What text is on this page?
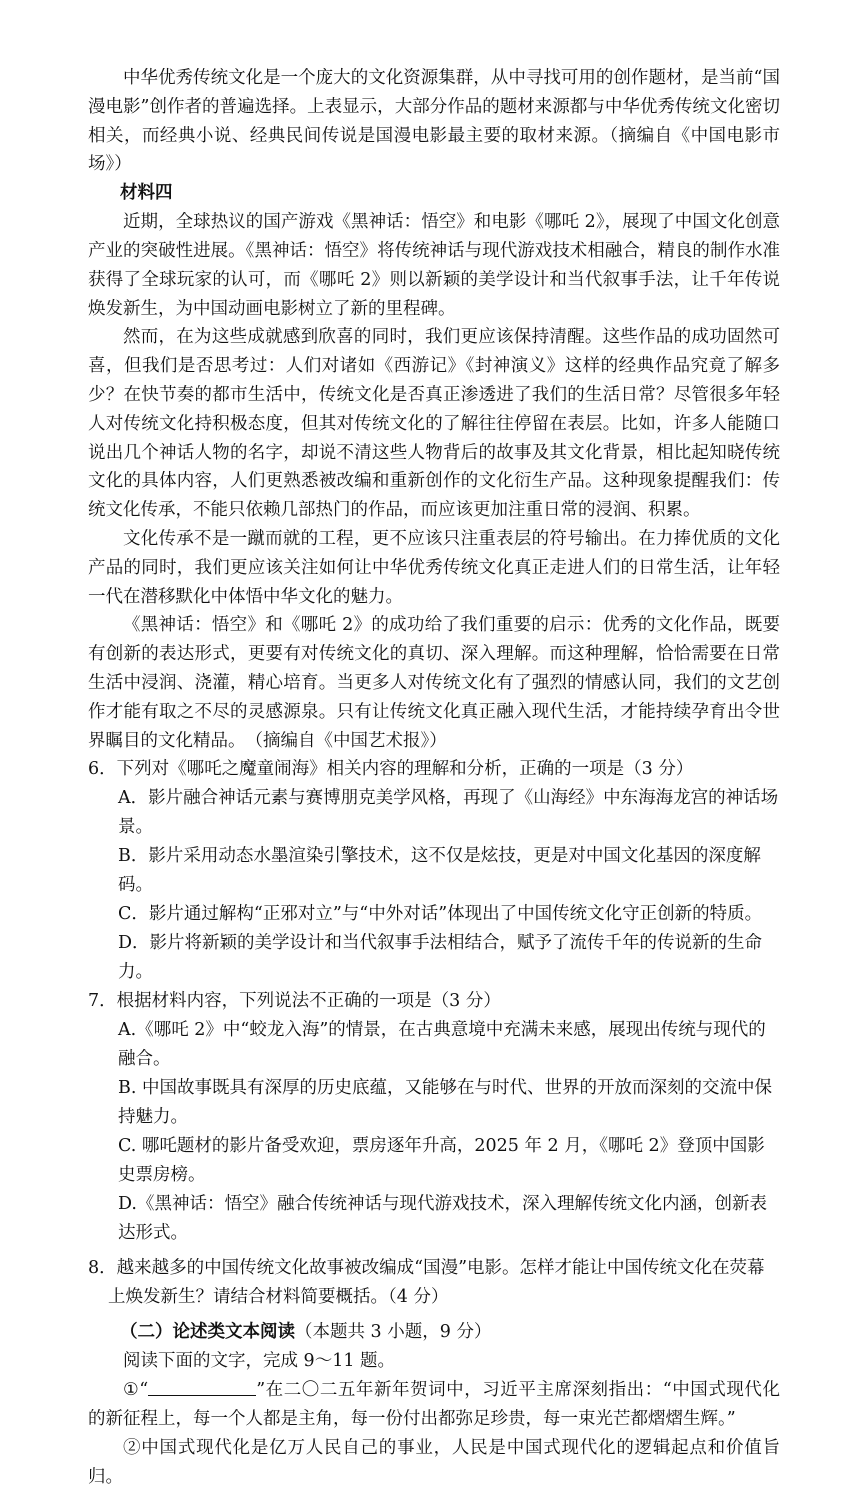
中华优秀传统文化是一个庞大的文化资源集群，从中寻找可用的创作题材，是当前“国漫电影”创作者的普遍选择。上表显示，大部分作品的题材来源都与中华优秀传统文化密切相关，而经典小说、经典民间传说是国漫电影最主要的取材来源。（摘编自《中国电影市场》）

材料四

近期，全球热议的国产游戏《黑神话：悟空》和电影《哪吒 2》，展现了中国文化创意产业的突破性进展。《黑神话：悟空》将传统神话与现代游戏技术相融合，精良的制作水准获得了全球玩家的认可，而《哪吒 2》则以新颖的美学设计和当代叙事手法，让千年传说焕发新生，为中国动画电影树立了新的里程碑。

然而，在为这些成就感到欣喜的同时，我们更应该保持清醒。这些作品的成功固然可喜，但我们是否思考过：人们对诸如《西游记》《封神演义》这样的经典作品究竟了解多少？在快节奏的都市生活中，传统文化是否真正渗透进了我们的生活日常？尽管很多年轻人对传统文化持积极态度，但其对传统文化的了解往往停留在表层。比如，许多人能随口说出几个神话人物的名字，却说不清这些人物背后的故事及其文化背景，相比起知晓传统文化的具体内容，人们更熟悉被改编和重新创作的文化衍生产品。这种现象提醒我们：传统文化传承，不能只依赖几部热门的作品，而应该更加注重日常的浸润、积累。

文化传承不是一蹴而就的工程，更不应该只注重表层的符号输出。在力捧优质的文化产品的同时，我们更应该关注如何让中华优秀传统文化真正走进人们的日常生活，让年轻一代在潜移默化中体悟中华文化的魅力。

《黑神话：悟空》和《哪吒 2》的成功给了我们重要的启示：优秀的文化作品，既要有创新的表达形式，更要有对传统文化的真切、深入理解。而这种理解，恰恰需要在日常生活中浸润、浇灌，精心培育。当更多人对传统文化有了强烈的情感认同，我们的文艺创作才能有取之不尽的灵感源泉。只有让传统文化真正融入现代生活，才能持续孕育出令世界瞩目的文化精品。　（摘编自《中国艺术报》）

6．下列对《哪吒之魔童闹海》相关内容的理解和分析，正确的一项是（3 分）

A．影片融合神话元素与赛博朋克美学风格，再现了《山海经》中东海海龙宫的神话场景。

B．影片采用动态水墨渲染引擎技术，这不仅是炫技，更是对中国文化基因的深度解码。

C．影片通过解构“正邪对立”与“中外对话”体现出了中国传统文化守正创新的特质。

D．影片将新颖的美学设计和当代叙事手法相结合，赋予了流传千年的传说新的生命力。

7．根据材料内容，下列说法不正确的一项是（3 分）

A.《哪吒 2》中“蛟龙入海”的情景，在古典意境中充满未来感，展现出传统与现代的融合。

B. 中国故事既具有深厚的历史底蕴，又能够在与时代、世界的开放而深刻的交流中保持魅力。

C. 哪吒题材的影片备受欢迎，票房逐年升高，2025 年 2 月，《哪吒 2》登顶中国影史票房榜。

D.《黑神话：悟空》融合传统神话与现代游戏技术，深入理解传统文化内涵，创新表达形式。

8．越来越多的中国传统文化故事被改编成“国漫”电影。怎样才能让中国传统文化在荧幕上焕发新生？请结合材料简要概括。（4 分）

（二）论述类文本阅读（本题共 3 小题，9 分）

阅读下面的文字，完成 9～11 题。

①“	”在二〇二五年新年贺词中，习近平主席深刻指出：“中国式现代化的新征程上，每一个人都是主角，每一份付出都弥足珍贵，每一束光芒都熠熠生辉。”

②中国式现代化是亿万人民自己的事业，人民是中国式现代化的逻辑起点和价值旨归。
